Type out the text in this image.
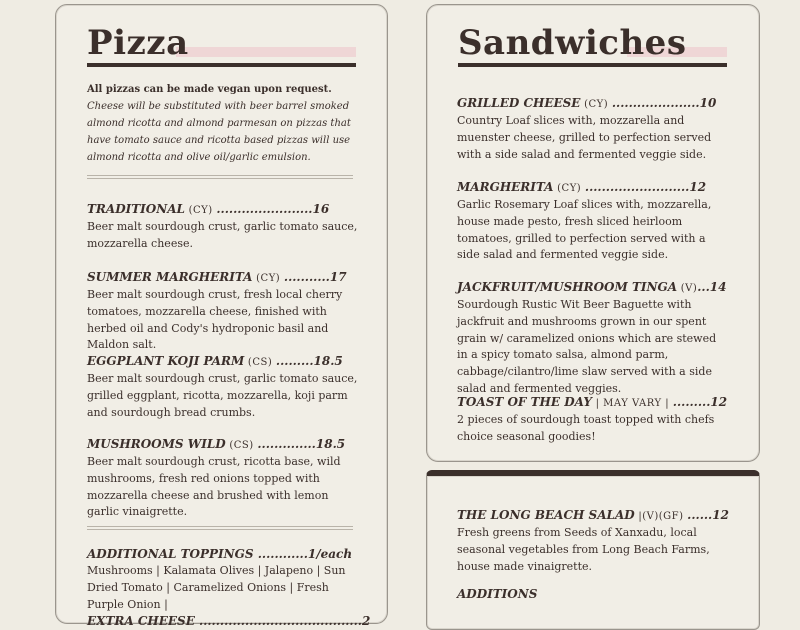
Pizza
All pizzas can be made vegan upon request. Cheese will be substituted with beer barrel smoked almond ricotta and almond parmesan on pizzas that have tomato sauce and ricotta based pizzas will use almond ricotta and olive oil/garlic emulsion.
TRADITIONAL (CY) .......................16
Beer malt sourdough crust, garlic tomato sauce, mozzarella cheese.
SUMMER MARGHERITA (CY) ...........17
Beer malt sourdough crust, fresh local cherry tomatoes, mozzarella cheese, finished with herbed oil and Cody's hydroponic basil and Maldon salt.
EGGPLANT KOJI PARM (CS) .........18.5
Beer malt sourdough crust, garlic tomato sauce, grilled eggplant, ricotta, mozzarella, koji parm and sourdough bread crumbs.
MUSHROOMS WILD (CS) ..............18.5
Beer malt sourdough crust, ricotta base, wild mushrooms, fresh red onions topped with mozzarella cheese and brushed with lemon garlic vinaigrette.
ADDITIONAL TOPPINGS ............1/each
Mushrooms | Kalamata Olives | Jalapeno | Sun Dried Tomato | Caramelized Onions | Fresh Purple Onion |
EXTRA CHEESE .......................................2
Sandwiches
GRILLED CHEESE (CY) .....................10
Country Loaf slices with, mozzarella and muenster cheese, grilled to perfection served with a side salad and fermented veggie side.
MARGHERITA (CY) .........................12
Garlic Rosemary Loaf slices with, mozzarella, house made pesto, fresh sliced heirloom tomatoes, grilled to perfection served with a side salad and fermented veggie side.
JACKFRUIT/MUSHROOM TINGA (V)...14
Sourdough Rustic Wit Beer Baguette with jackfruit and mushrooms grown in our spent grain w/ caramelized onions which are stewed in a spicy tomato salsa, almond parm, cabbage/cilantro/lime slaw served with a side salad and fermented veggies.
TOAST OF THE DAY | MAY VARY | .........12
2 pieces of sourdough toast topped with chefs choice seasonal goodies!
THE LONG BEACH SALAD |(V)(GF) ......12
Fresh greens from Seeds of Xanxadu, local seasonal vegetables from Long Beach Farms, house made vinaigrette.
ADDITIONS
